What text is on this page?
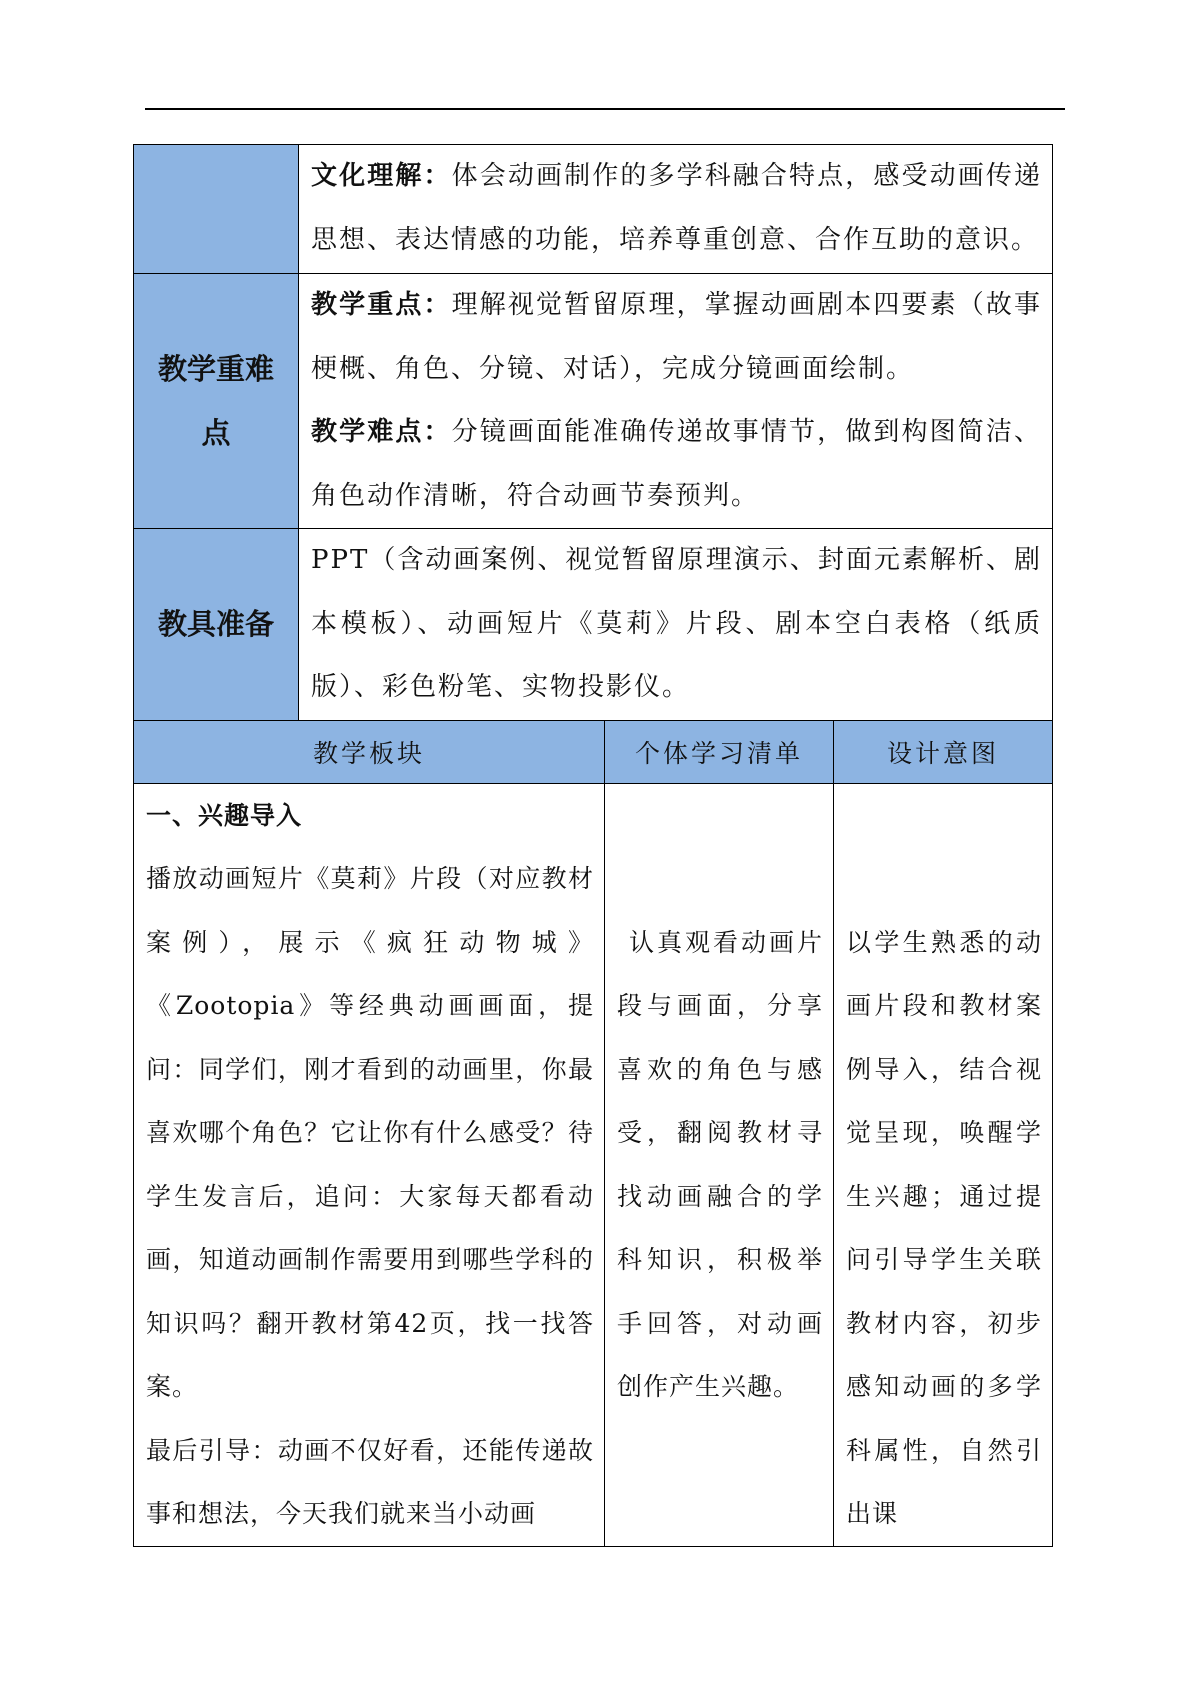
	文化理解：体会动画制作的多学科融合特点，感受动画传递思想、表达情感的功能，培养尊重创意、合作互助的意识。		

教学重难点	教学重点：理解视觉暂留原理，掌握动画剧本四要素（故事梗概、角色、分镜、对话），完成分镜画面绘制。

教学难点：分镜画面能准确传递故事情节，做到构图简洁、角色动作清晰，符合动画节奏预判。		

教具准备	PPT（含动画案例、视觉暂留原理演示、封面元素解析、剧本模板）、动画短片《莫莉》片段、剧本空白表格（纸质版）、彩色粉笔、实物投影仪。		

教学板块		个体学习清单	设计意图

一、兴趣导入

播放动画短片《莫莉》片段（对应教材案例），展示《疯狂动物城》《Zootopia》等经典动画画面，提问：同学们，刚才看到的动画里，你最喜欢哪个角色？它让你有什么感受？待学生发言后，追问：大家每天都看动画，知道动画制作需要用到哪些学科的知识吗？翻开教材第42页，找一找答案。

最后引导：动画不仅好看，还能传递故事和想法，今天我们就来当小动画		认真观看动画片段与画面，分享喜欢的角色与感受，翻阅教材寻找动画融合的学科知识，积极举手回答，对动画创作产生兴趣。	以学生熟悉的动画片段和教材案例导入，结合视觉呈现，唤醒学生兴趣；通过提问引导学生关联教材内容，初步感知动画的多学科属性，自然引出课
